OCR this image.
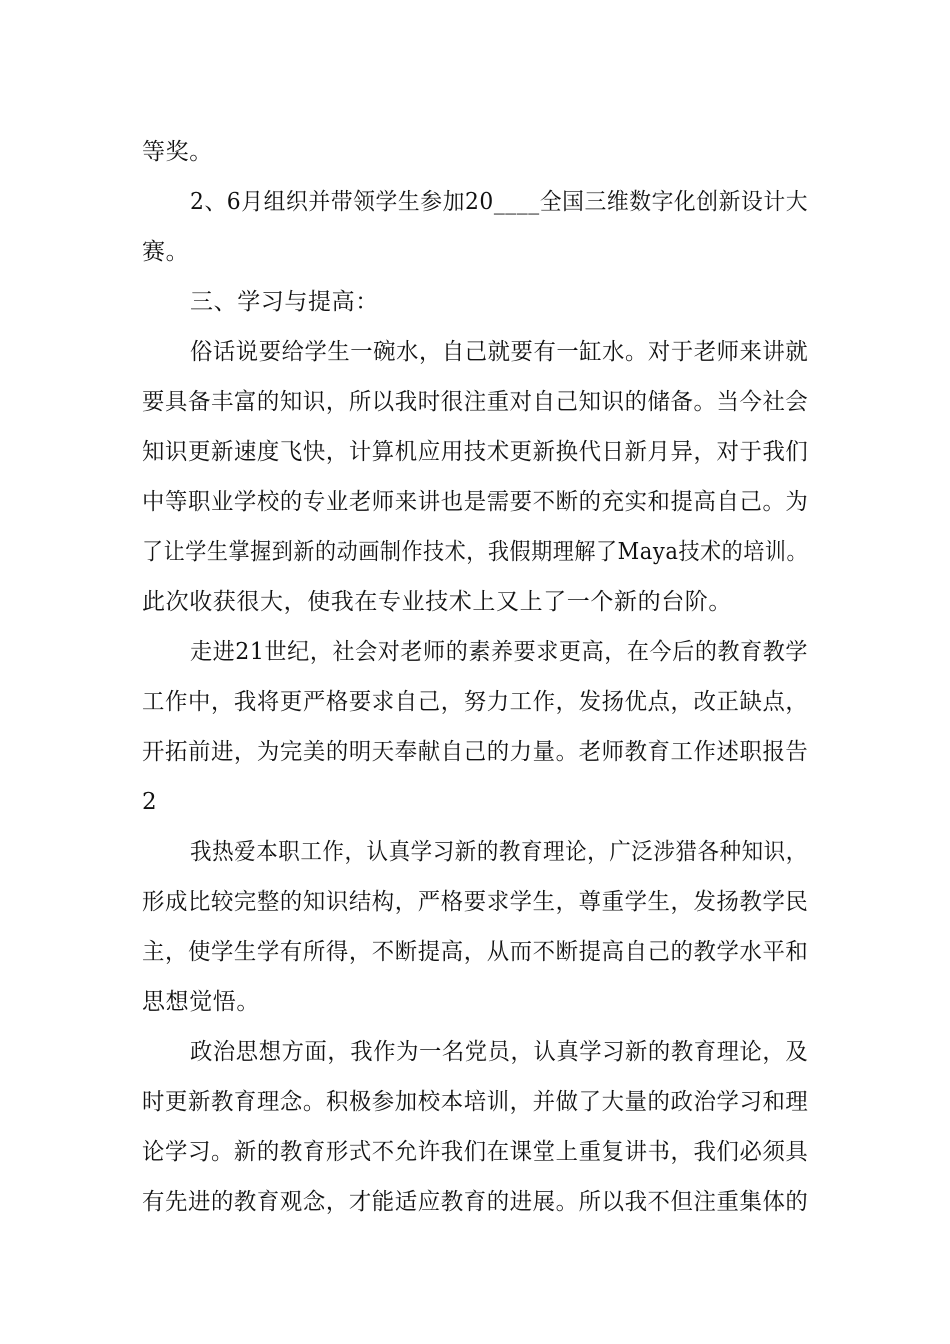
等奖。
2、6月组织并带领学生参加20____全国三维数字化创新设计大
赛。
三、学习与提高：
俗话说要给学生一碗水，自己就要有一缸水。对于老师来讲就
要具备丰富的知识，所以我时很注重对自己知识的储备。当今社会
知识更新速度飞快，计算机应用技术更新换代日新月异，对于我们
中等职业学校的专业老师来讲也是需要不断的充实和提高自己。为
了让学生掌握到新的动画制作技术，我假期理解了Maya技术的培训。
此次收获很大，使我在专业技术上又上了一个新的台阶。
走进21世纪，社会对老师的素养要求更高，在今后的教育教学
工作中，我将更严格要求自己，努力工作，发扬优点，改正缺点，
开拓前进，为完美的明天奉献自己的力量。老师教育工作述职报告
2
我热爱本职工作，认真学习新的教育理论，广泛涉猎各种知识，
形成比较完整的知识结构，严格要求学生，尊重学生，发扬教学民
主，使学生学有所得，不断提高，从而不断提高自己的教学水平和
思想觉悟。
政治思想方面，我作为一名党员，认真学习新的教育理论，及
时更新教育理念。积极参加校本培训，并做了大量的政治学习和理
论学习。新的教育形式不允许我们在课堂上重复讲书，我们必须具
有先进的教育观念，才能适应教育的进展。所以我不但注重集体的
